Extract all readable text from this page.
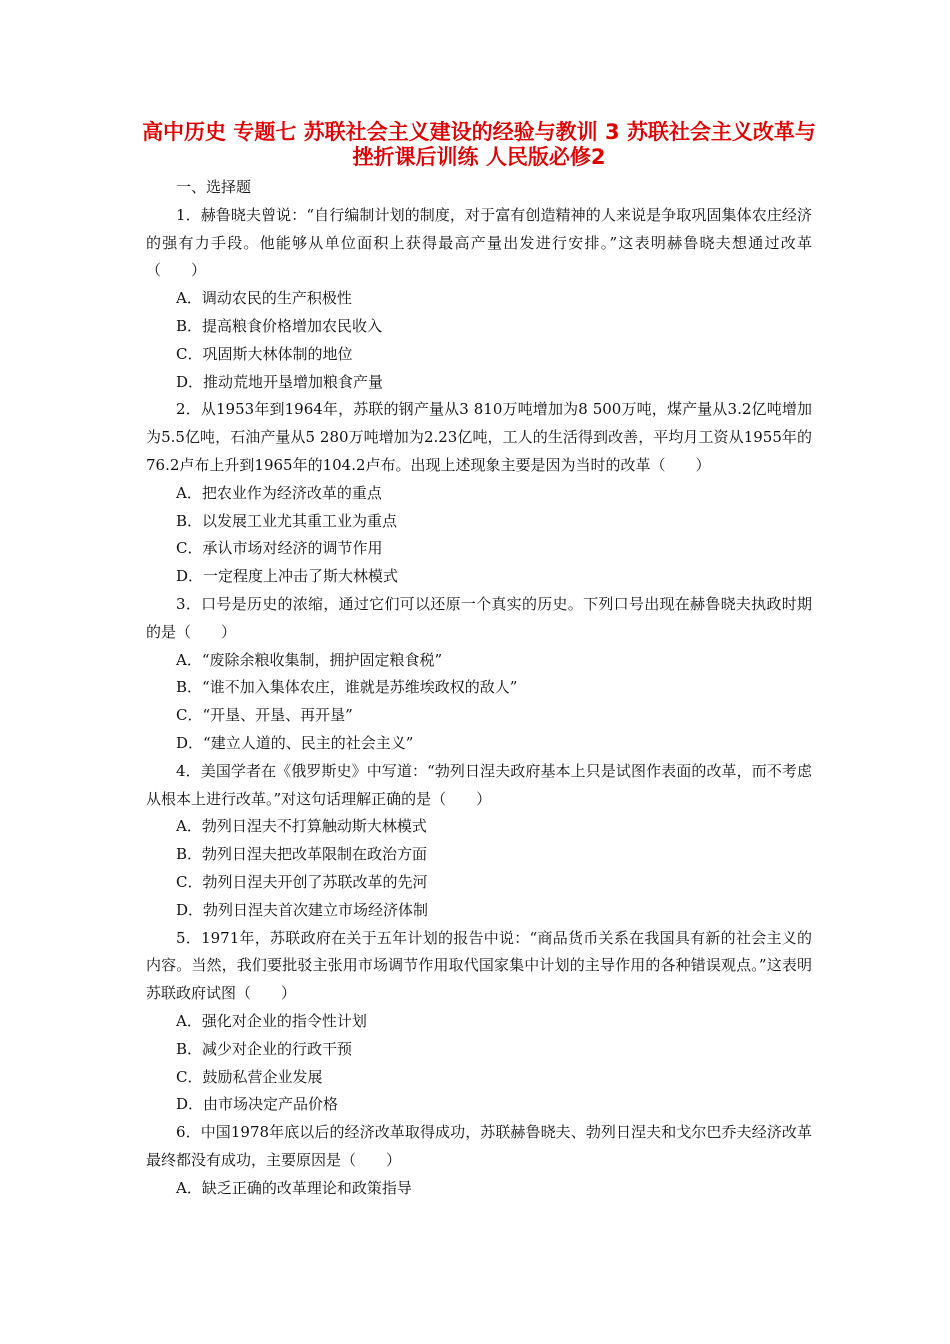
高中历史 专题七 苏联社会主义建设的经验与教训 3 苏联社会主义改革与挫折课后训练 人民版必修2
一、选择题
1．赫鲁晓夫曾说：“自行编制计划的制度，对于富有创造精神的人来说是争取巩固集体农庄经济的强有力手段。他能够从单位面积上获得最高产量出发进行安排。”这表明赫鲁晓夫想通过改革（　　）
A．调动农民的生产积极性
B．提高粮食价格增加农民收入
C．巩固斯大林体制的地位
D．推动荒地开垦增加粮食产量
2．从1953年到1964年，苏联的钢产量从3 810万吨增加为8 500万吨，煤产量从3.2亿吨增加为5.5亿吨，石油产量从5 280万吨增加为2.23亿吨，工人的生活得到改善，平均月工资从1955年的76.2卢布上升到1965年的104.2卢布。出现上述现象主要是因为当时的改革（　　）
A．把农业作为经济改革的重点
B．以发展工业尤其重工业为重点
C．承认市场对经济的调节作用
D．一定程度上冲击了斯大林模式
3．口号是历史的浓缩，通过它们可以还原一个真实的历史。下列口号出现在赫鲁晓夫执政时期的是（　　）
A．“废除余粮收集制，拥护固定粮食税”
B．“谁不加入集体农庄，谁就是苏维埃政权的敌人”
C．“开垦、开垦、再开垦”
D．“建立人道的、民主的社会主义”
4．美国学者在《俄罗斯史》中写道：“勃列日涅夫政府基本上只是试图作表面的改革，而不考虑从根本上进行改革。”对这句话理解正确的是（　　）
A．勃列日涅夫不打算触动斯大林模式
B．勃列日涅夫把改革限制在政治方面
C．勃列日涅夫开创了苏联改革的先河
D．勃列日涅夫首次建立市场经济体制
5．1971年，苏联政府在关于五年计划的报告中说：“商品货币关系在我国具有新的社会主义的内容。当然，我们要批驳主张用市场调节作用取代国家集中计划的主导作用的各种错误观点。”这表明苏联政府试图（　　）
A．强化对企业的指令性计划
B．减少对企业的行政干预
C．鼓励私营企业发展
D．由市场决定产品价格
6．中国1978年底以后的经济改革取得成功，苏联赫鲁晓夫、勃列日涅夫和戈尔巴乔夫经济改革最终都没有成功，主要原因是（　　）
A．缺乏正确的改革理论和政策指导
